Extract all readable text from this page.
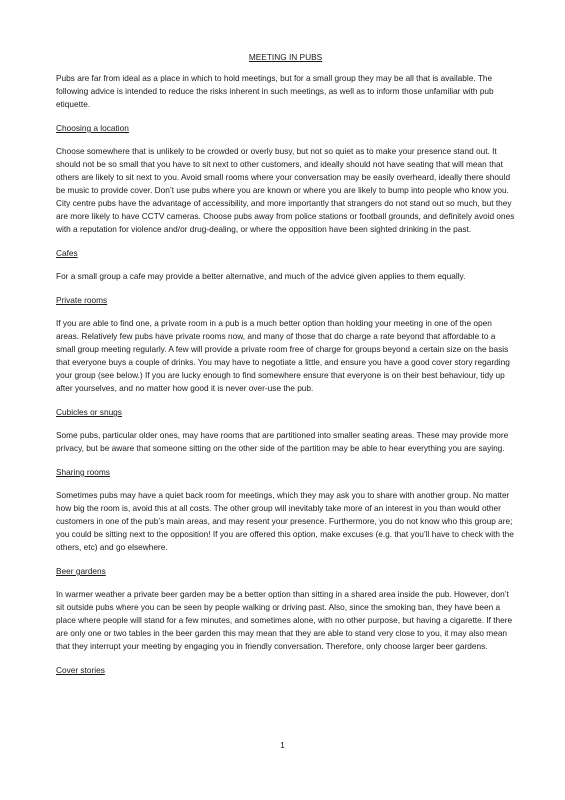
MEETING IN PUBS

Pubs are far from ideal as a place in which to hold meetings, but for a small group they may be all that is available. The following advice is intended to reduce the risks inherent in such meetings, as well as to inform those unfamiliar with pub etiquette.

Choosing a location

Choose somewhere that is unlikely to be crowded or overly busy, but not so quiet as to make your presence stand out. It should not be so small that you have to sit next to other customers, and ideally should not have seating that will mean that others are likely to sit next to you. Avoid small rooms where your conversation may be easily overheard, ideally there should be music to provide cover. Don’t use pubs where you are known or where you are likely to bump into people who know you. City centre pubs have the advantage of accessibility, and more importantly that strangers do not stand out so much, but they are more likely to have CCTV cameras. Choose pubs away from police stations or football grounds, and definitely avoid ones with a reputation for violence and/or drug-dealing, or where the opposition have been sighted drinking in the past.

Cafes

For a small group a cafe may provide a better alternative, and much of the advice given applies to them equally.

Private rooms

If you are able to find one, a private room in a pub is a much better option than holding your meeting in one of the open areas. Relatively few pubs have private rooms now, and many of those that do charge a rate beyond that affordable to a small group meeting regularly. A few will provide a private room free of charge for groups beyond a certain size on the basis that everyone buys a couple of drinks. You may have to negotiate a little, and ensure you have a good cover story regarding your group (see below.) If you are lucky enough to find somewhere ensure that everyone is on their best behaviour, tidy up after yourselves, and no matter how good it is never over-use the pub.

Cubicles or snugs

Some pubs, particular older ones, may have rooms that are partitioned into smaller seating areas. These may provide more privacy, but be aware that someone sitting on the other side of the partition may be able to hear everything you are saying.

Sharing rooms

Sometimes pubs may have a quiet back room for meetings, which they may ask you to share with another group. No matter how big the room is, avoid this at all costs. The other group will inevitably take more of an interest in you than would other customers in one of the pub’s main areas, and may resent your presence. Furthermore, you do not know who this group are; you could be sitting next to the opposition! If you are offered this option, make excuses (e.g. that you’ll have to check with the others, etc) and go elsewhere.

Beer gardens

In warmer weather a private beer garden may be a better option than sitting in a shared area inside the pub. However, don’t sit outside pubs where you can be seen by people walking or driving past. Also, since the smoking ban, they have been a place where people will stand for a few minutes, and sometimes alone, with no other purpose, but having a cigarette. If there are only one or two tables in the beer garden this may mean that they are able to stand very close to you, it may also mean that they interrupt your meeting by engaging you in friendly conversation. Therefore, only choose larger beer gardens.

Cover stories
1
